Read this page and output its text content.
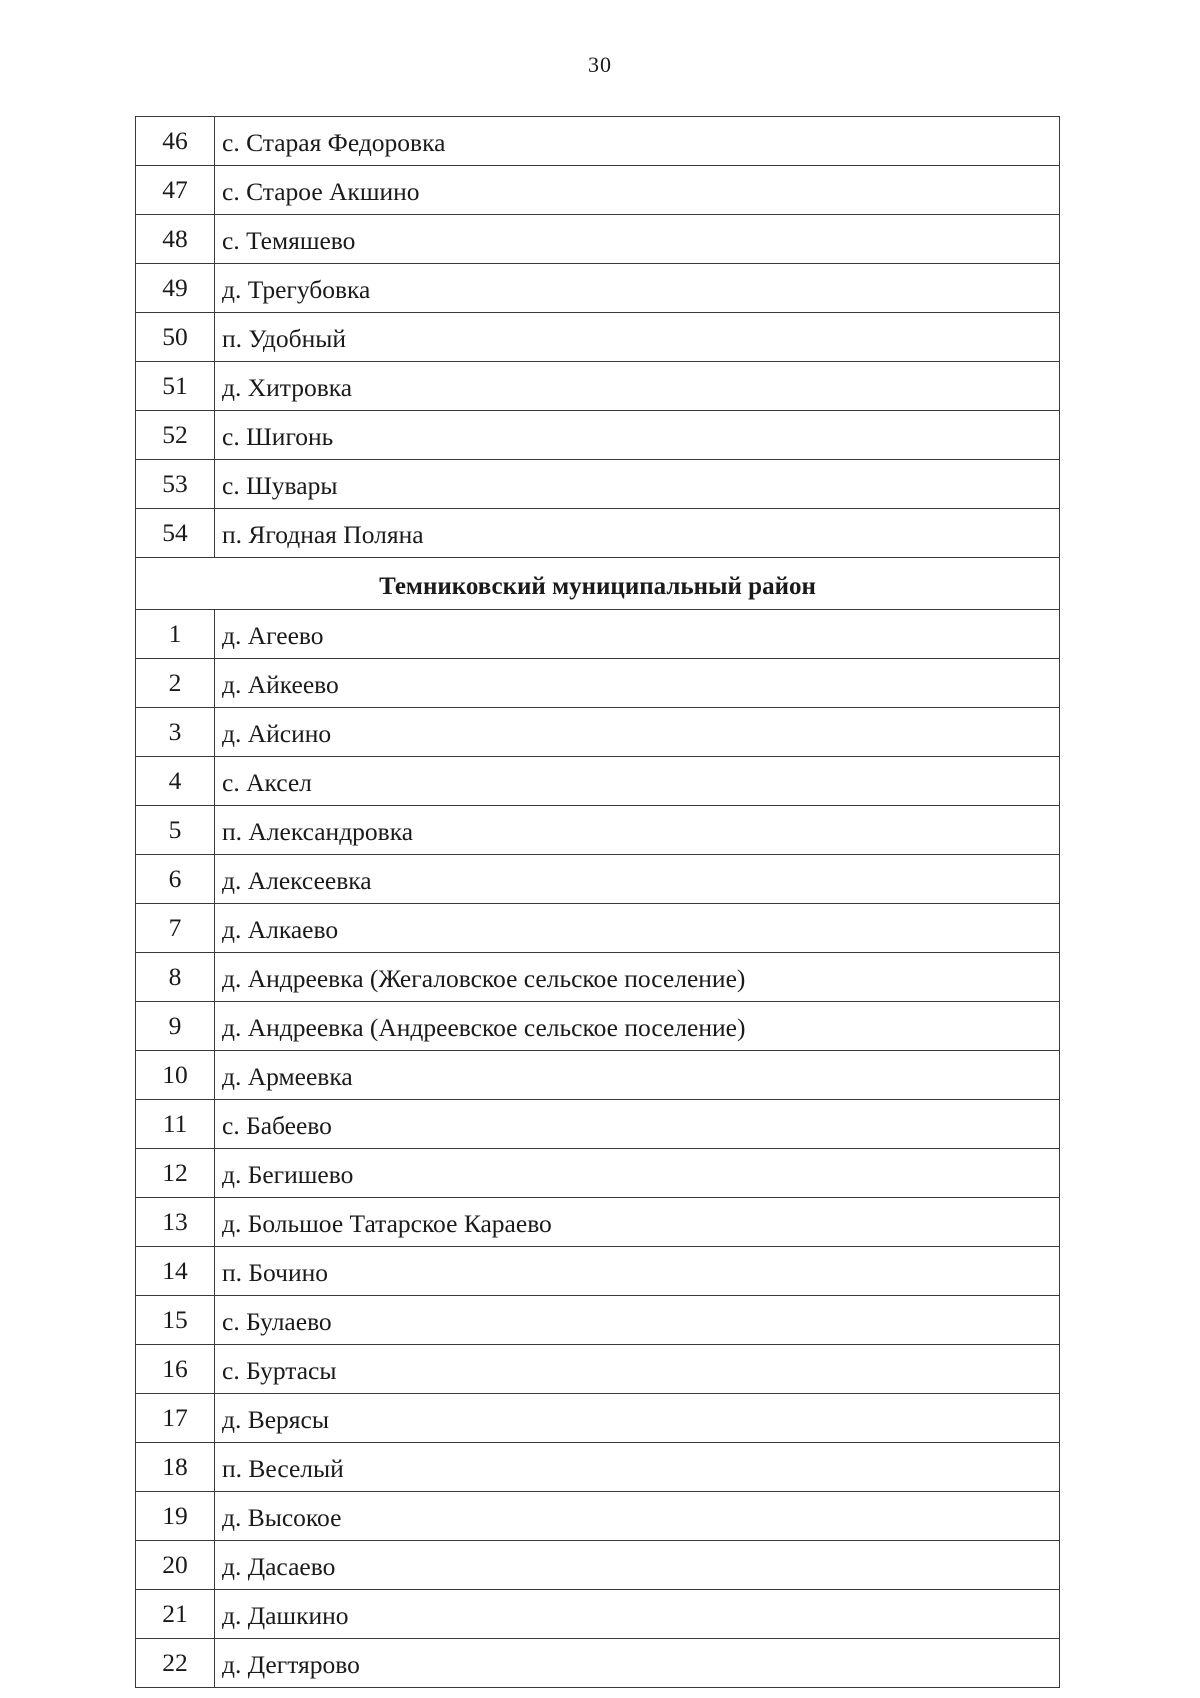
30
46	с. Старая Федоровка
47	с. Старое Акшино
48	с. Темяшево
49	д. Трегубовка
50	п. Удобный
51	д. Хитровка
52	с. Шигонь
53	с. Шувары
54	п. Ягодная Поляна
Темниковский муниципальный район	
1	д. Агеево
2	д. Айкеево
3	д. Айсино
4	с. Аксел
5	п. Александровка
6	д. Алексеевка
7	д. Алкаево
8	д. Андреевка (Жегаловское сельское поселение)
9	д. Андреевка (Андреевское сельское поселение)
10	д. Армеевка
11	с. Бабеево
12	д. Бегишево
13	д. Большое Татарское Караево
14	п. Бочино
15	с. Булаево
16	с. Буртасы
17	д. Верясы
18	п. Веселый
19	д. Высокое
20	д. Дасаево
21	д. Дашкино
22	д. Дегтярово
